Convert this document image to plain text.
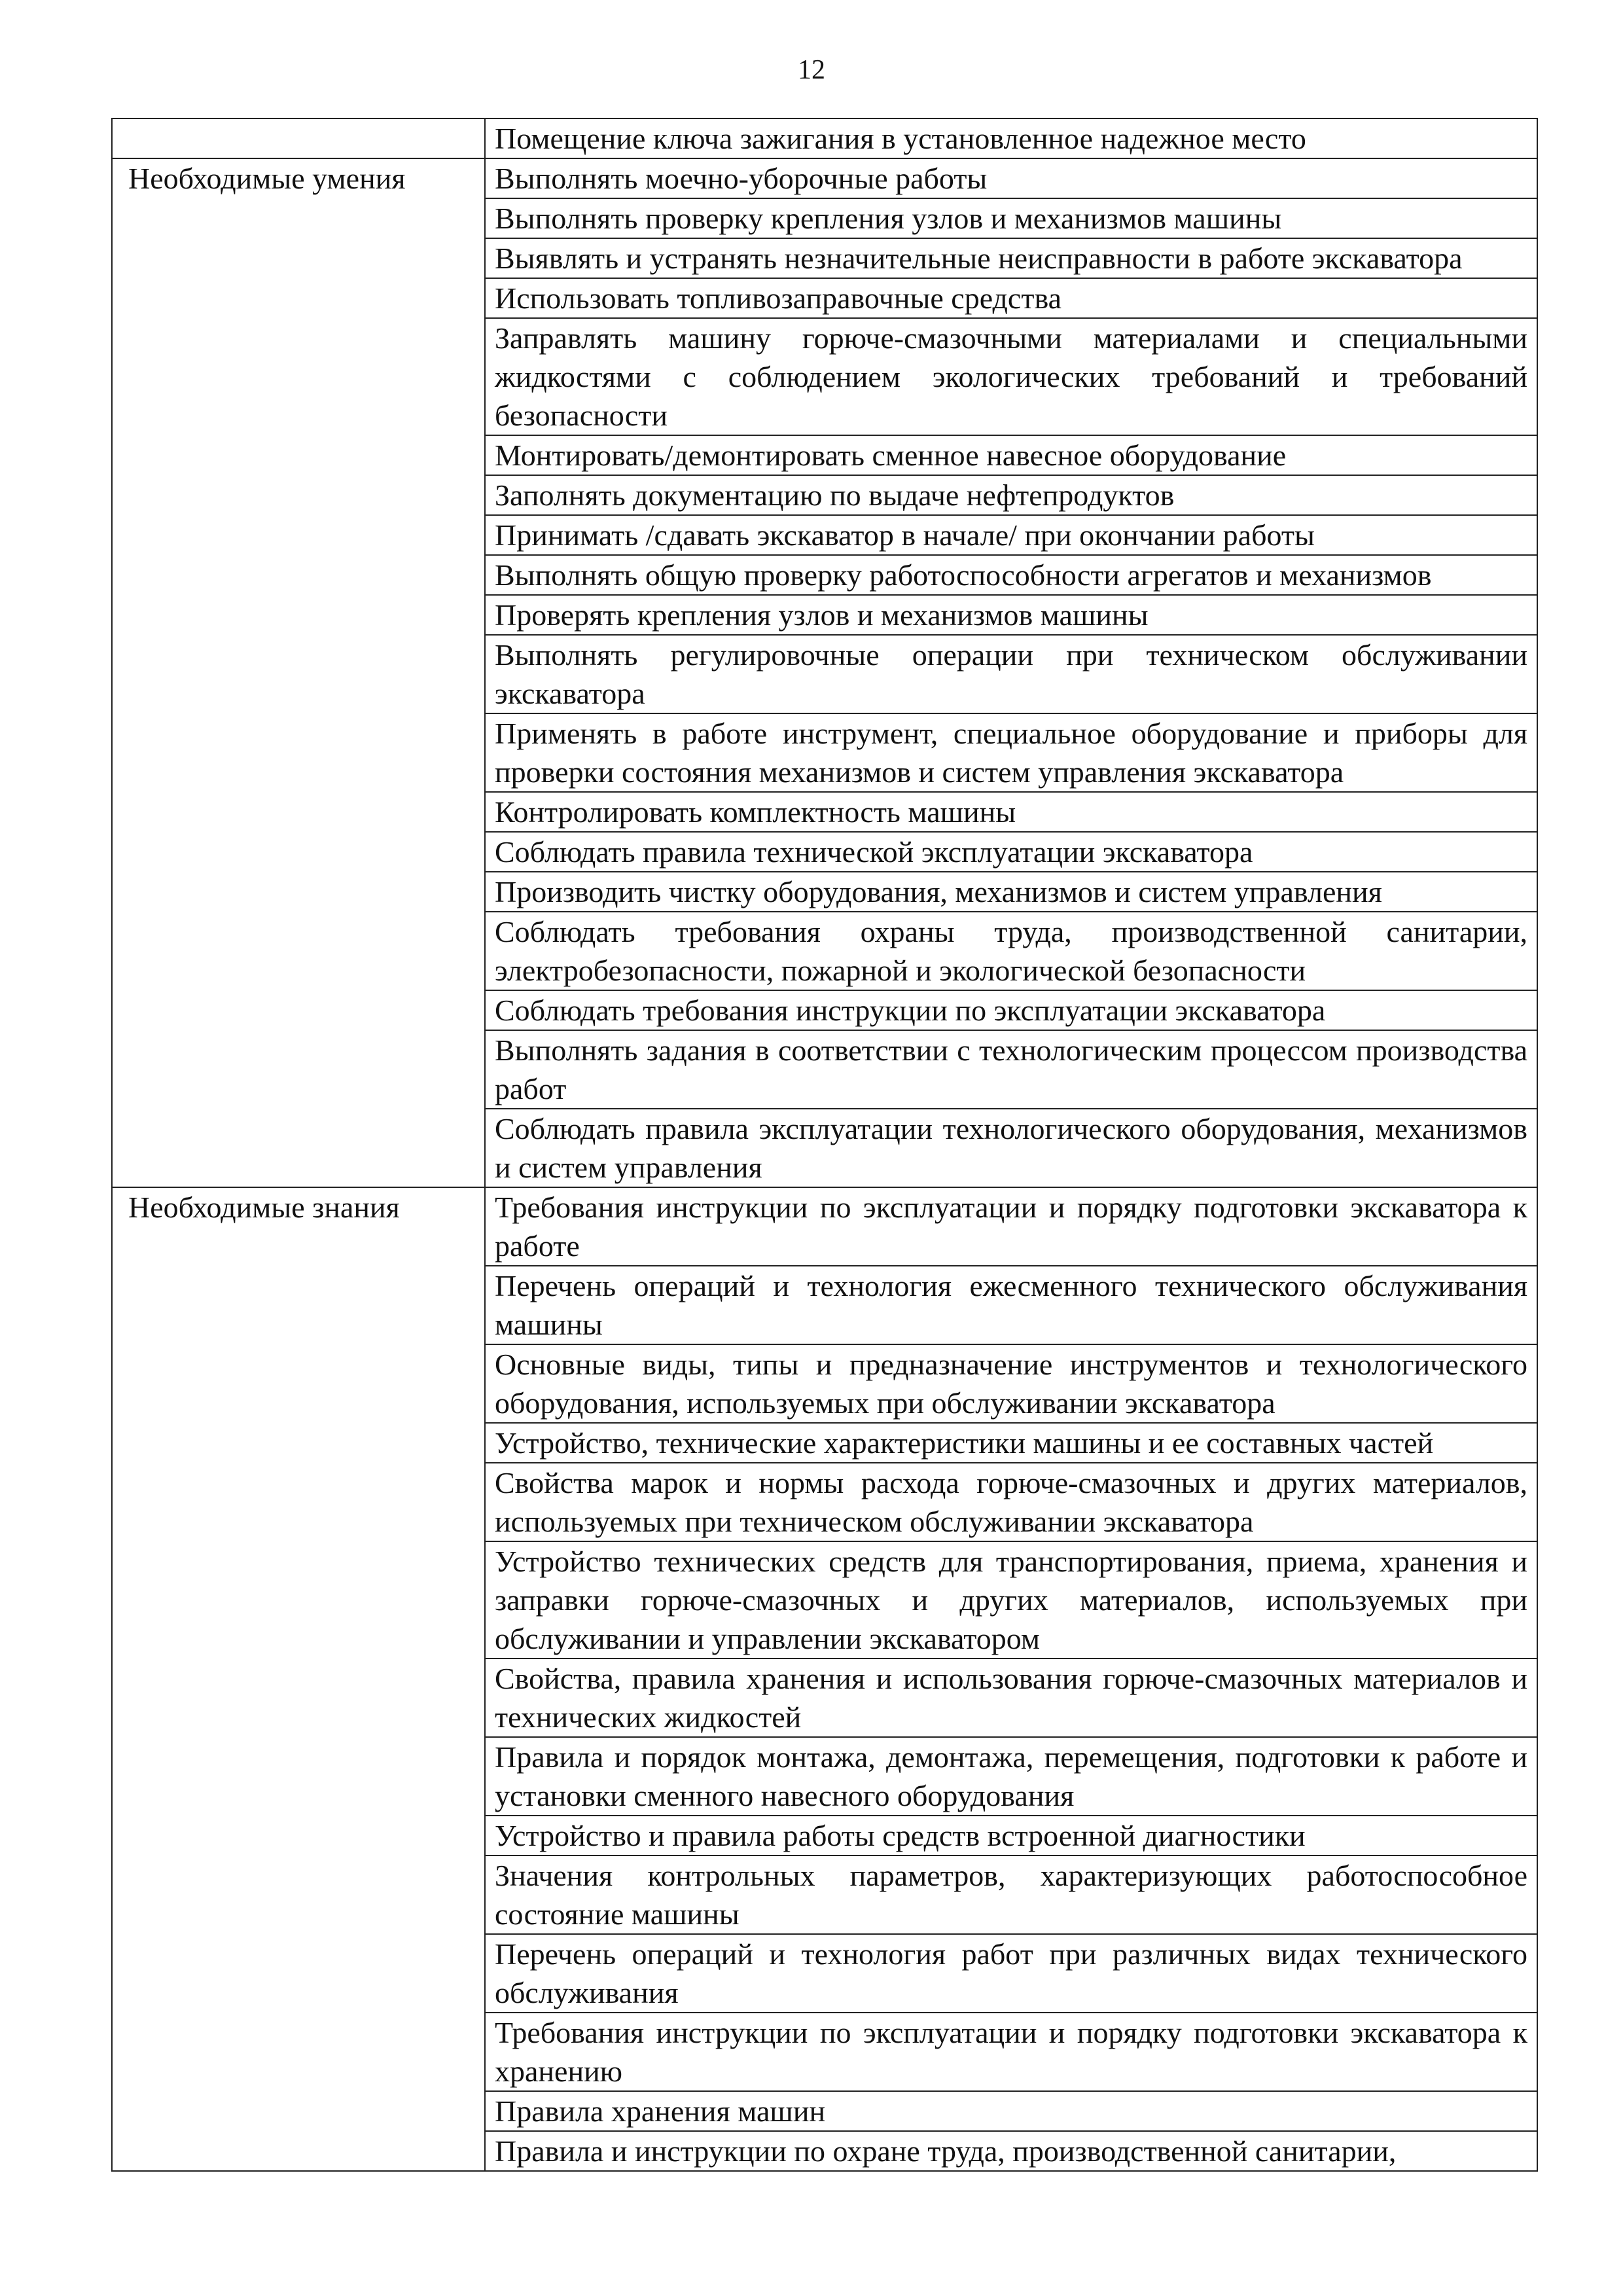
12
	Помещение ключа зажигания в установленное надежное место
Необходимые умения	Выполнять моечно-уборочные работы
	Выполнять проверку крепления узлов и механизмов машины
	Выявлять и устранять незначительные неисправности в работе экскаватора
	Использовать топливозаправочные средства
	Заправлять машину горюче-смазочными материалами и специальными жидкостями с соблюдением экологических требований и требований безопасности
	Монтировать/демонтировать сменное навесное оборудование
	Заполнять документацию по выдаче нефтепродуктов
	Принимать /сдавать экскаватор в начале/ при окончании работы
	Выполнять общую проверку работоспособности агрегатов и механизмов
	Проверять крепления узлов и механизмов машины
	Выполнять регулировочные операции при техническом обслуживании экскаватора
	Применять в работе инструмент, специальное оборудование и приборы для проверки состояния механизмов и систем управления экскаватора
	Контролировать комплектность машины
	Соблюдать правила технической эксплуатации экскаватора
	Производить чистку оборудования, механизмов и систем управления
	Соблюдать требования охраны труда, производственной санитарии, электробезопасности, пожарной и экологической безопасности
	Соблюдать требования инструкции по эксплуатации экскаватора
	Выполнять задания в соответствии с технологическим процессом производства работ
	Соблюдать правила эксплуатации технологического оборудования, механизмов и систем управления
Необходимые знания	Требования инструкции по эксплуатации и порядку подготовки экскаватора к работе
	Перечень операций и технология ежесменного технического обслуживания машины
	Основные виды, типы и предназначение инструментов и технологического оборудования, используемых при обслуживании экскаватора
	Устройство, технические характеристики машины и ее составных частей
	Свойства марок и нормы расхода горюче-смазочных и других материалов, используемых при техническом обслуживании экскаватора
	Устройство технических средств для транспортирования, приема, хранения и заправки горюче-смазочных и других материалов, используемых при обслуживании и управлении экскаватором
	Свойства, правила хранения и использования горюче-смазочных материалов и технических жидкостей
	Правила и порядок монтажа, демонтажа, перемещения, подготовки к работе и установки сменного навесного оборудования
	Устройство и правила работы средств встроенной диагностики
	Значения контрольных параметров, характеризующих работоспособное состояние машины
	Перечень операций и технология работ при различных видах технического обслуживания
	Требования инструкции по эксплуатации и порядку подготовки экскаватора к хранению
	Правила хранения машин
	Правила и инструкции по охране труда, производственной санитарии,
